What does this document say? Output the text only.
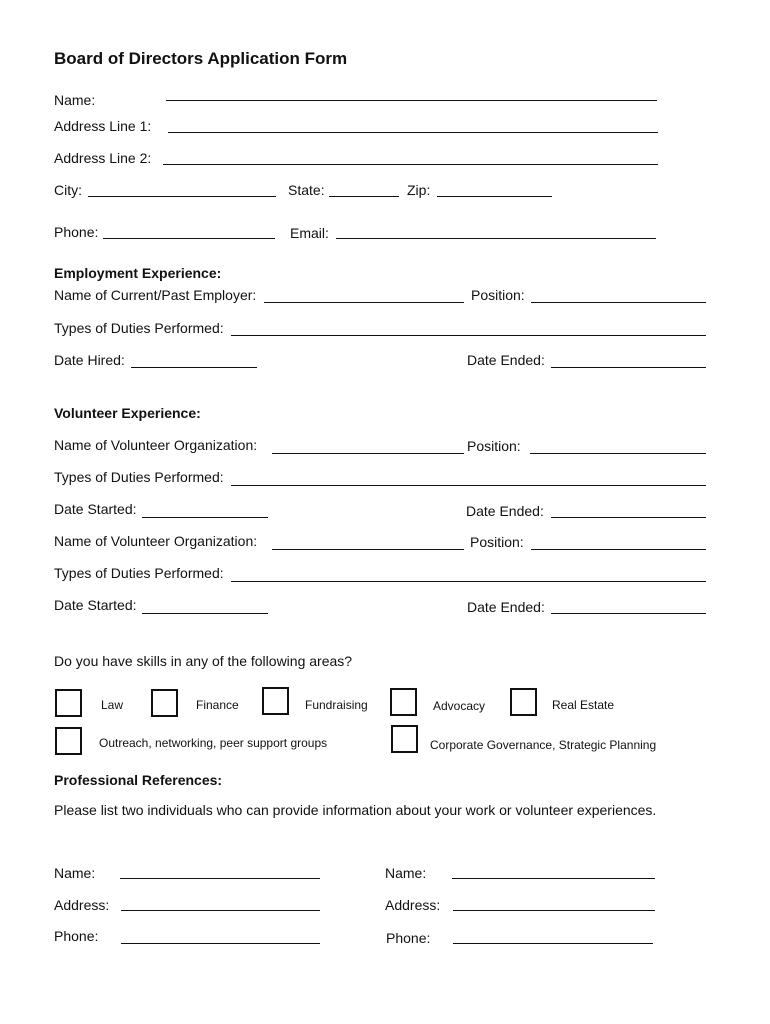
Board of Directors Application Form
Name:
Address Line 1:
Address Line 2:
City:	State:	Zip:
Phone:	Email:
Employment Experience:
Name of Current/Past Employer:	Position:
Types of Duties Performed:
Date Hired:	Date Ended:
Volunteer Experience:
Name of Volunteer Organization:	Position:
Types of Duties Performed:
Date Started:	Date Ended:
Name of Volunteer Organization:	Position:
Types of Duties Performed:
Date Started:	Date Ended:
Do you have skills in any of the following areas?
Law	Finance	Fundraising	Advocacy	Real Estate
Outreach, networking, peer support groups	Corporate Governance, Strategic Planning
Professional References:
Please list two individuals who can provide information about your work or volunteer experiences.
Name:	Name:
Address:	Address:
Phone:	Phone:
